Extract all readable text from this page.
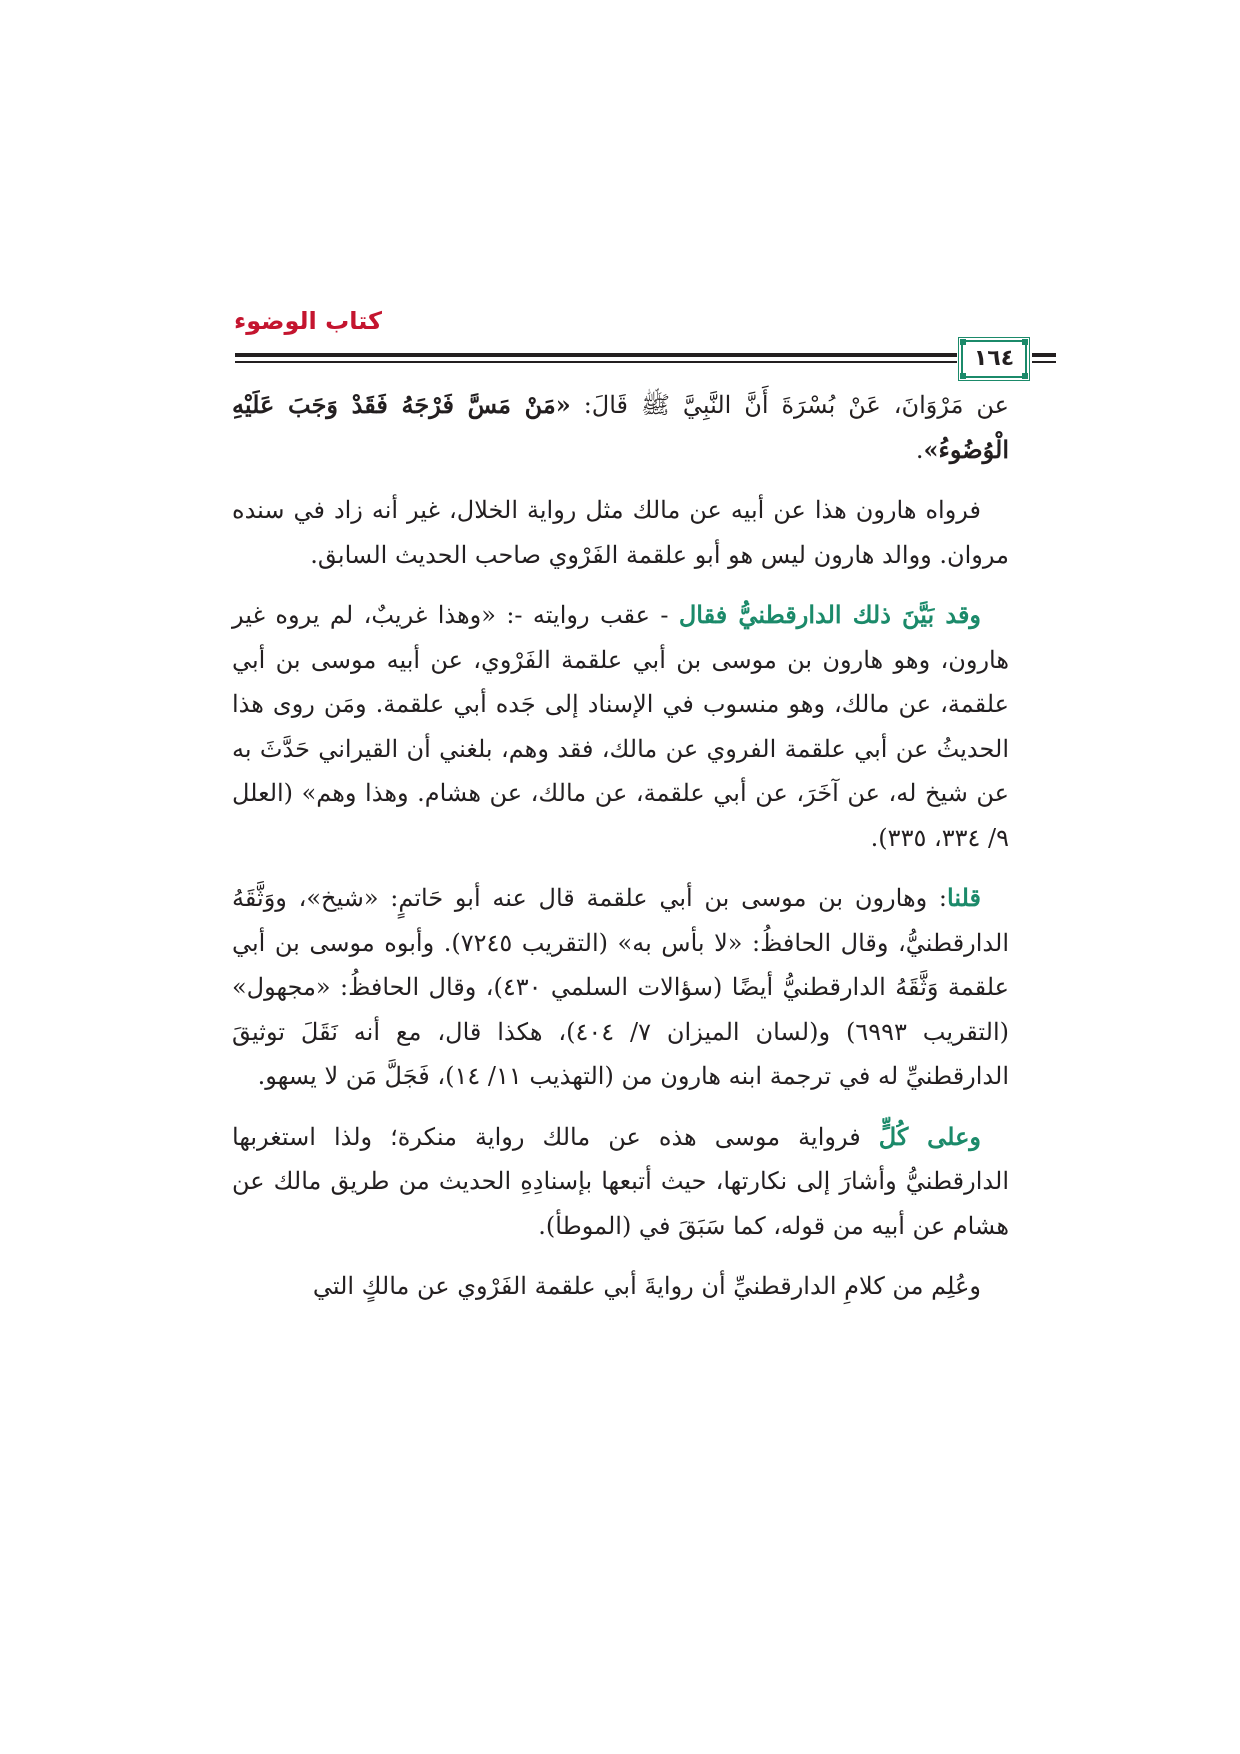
كتاب الوضوء
١٦٤

عن مَرْوَانَ، عَنْ بُسْرَةَ أَنَّ النَّبِيَّ ﷺ قَالَ: «مَنْ مَسَّ فَرْجَهُ فَقَدْ وَجَبَ عَلَيْهِ الْوُضُوءُ».

فرواه هارون هذا عن أبيه عن مالك مثل رواية الخلال، غير أنه زاد في سنده مروان. ووالد هارون ليس هو أبو علقمة الفَرْوي صاحب الحديث السابق.

وقد بَيَّنَ ذلك الدارقطنيُّ فقال - عقب روايته -: «وهذا غريبٌ، لم يروه غير هارون، وهو هارون بن موسى بن أبي علقمة الفَرْوي، عن أبيه موسى بن أبي علقمة، عن مالك، وهو منسوب في الإسناد إلى جَده أبي علقمة. ومَن روى هذا الحديثُ عن أبي علقمة الفروي عن مالك، فقد وهم، بلغني أن القيراني حَدَّثَ به عن شيخ له، عن آخَرَ، عن أبي علقمة، عن مالك، عن هشام. وهذا وهم» (العلل ٩/ ٣٣٤، ٣٣٥).

قلنا: وهارون بن موسى بن أبي علقمة قال عنه أبو حَاتمٍ: «شيخ»، ووَثَّقَهُ الدارقطنيُّ، وقال الحافظُ: «لا بأس به» (التقريب ٧٢٤٥). وأبوه موسى بن أبي علقمة وَثَّقَهُ الدارقطنيُّ أيضًا (سؤالات السلمي ٤٣٠)، وقال الحافظُ: «مجهول» (التقريب ٦٩٩٣) و(لسان الميزان ٧/ ٤٠٤)، هكذا قال، مع أنه نَقَلَ توثيقَ الدارقطنيِّ له في ترجمة ابنه هارون من (التهذيب ١١/ ١٤)، فَجَلَّ مَن لا يسهو.

وعلى كُلٍّ فرواية موسى هذه عن مالك رواية منكرة؛ ولذا استغربها الدارقطنيُّ وأشارَ إلى نكارتها، حيث أتبعها بإسنادِهِ الحديث من طريق مالك عن هشام عن أبيه من قوله، كما سَبَقَ في (الموطأ).

وعُلِم من كلامِ الدارقطنيِّ أن روايةَ أبي علقمة الفَرْوي عن مالكٍ التي
